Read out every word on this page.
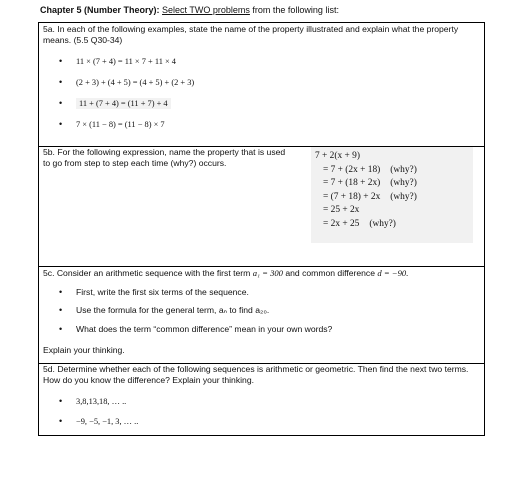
Chapter 5 (Number Theory): Select TWO problems from the following list:
5a. In each of the following examples, state the name of the property illustrated and explain what the property means. (5.5 Q30-34)
• 11 × (7 + 4) = 11 × 7 + 11 × 4
• (2 + 3) + (4 + 5) = (4 + 5) + (2 + 3)
• 11 + (7 + 4) = (11 + 7) + 4
• 7 × (11 − 8) = (11 − 8) × 7
5b. For the following expression, name the property that is used to go from step to step each time (why?) occurs.
7 + 2(x + 9)
= 7 + (2x + 18) (why?)
= 7 + (18 + 2x) (why?)
= (7 + 18) + 2x (why?)
= 25 + 2x
= 2x + 25 (why?)
5c. Consider an arithmetic sequence with the first term a₁ = 300 and common difference d = −90.
• First, write the first six terms of the sequence.
• Use the formula for the general term, aₙ to find a₂₀.
• What does the term “common difference” mean in your own words?
Explain your thinking.
5d. Determine whether each of the following sequences is arithmetic or geometric. Then find the next two terms. How do you know the difference? Explain your thinking.
• 3,8,13,18, … ..
• −9, −5, −1, 3, … ..
